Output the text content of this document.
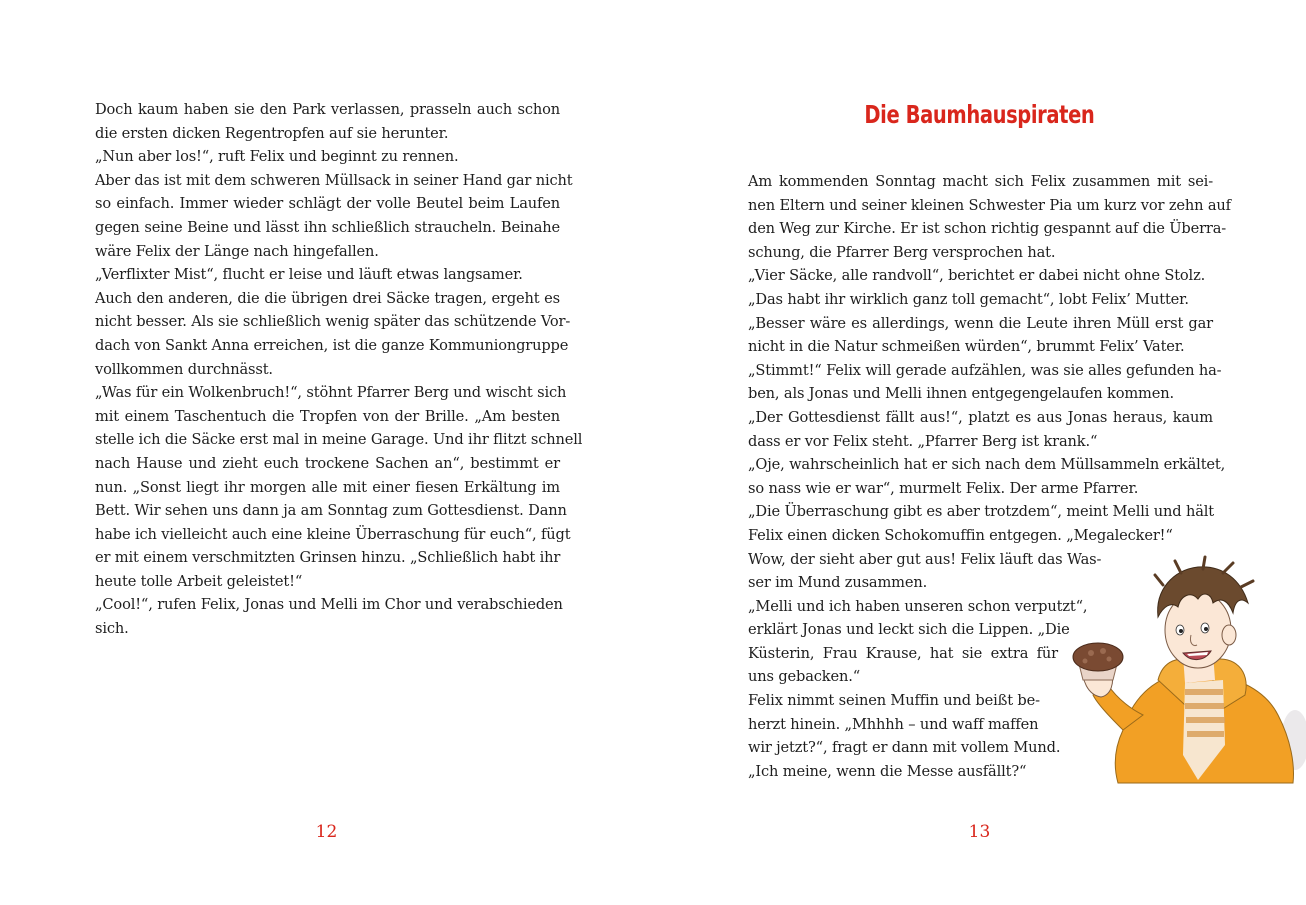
Doch kaum haben sie den Park verlassen, prasseln auch schon
die ersten dicken Regentropfen auf sie herunter.
„Nun aber los!“, ruft Felix und beginnt zu rennen.
Aber das ist mit dem schweren Müllsack in seiner Hand gar nicht
so einfach. Immer wieder schlägt der volle Beutel beim Laufen
gegen seine Beine und lässt ihn schließlich straucheln. Beinahe
wäre Felix der Länge nach hingefallen.
„Verflixter Mist“, flucht er leise und läuft etwas langsamer.
Auch den anderen, die die übrigen drei Säcke tragen, ergeht es
nicht besser. Als sie schließlich wenig später das schützende Vor-
dach von Sankt Anna erreichen, ist die ganze Kommuniongruppe
vollkommen durchnässt.
„Was für ein Wolkenbruch!“, stöhnt Pfarrer Berg und wischt sich
mit einem Taschentuch die Tropfen von der Brille. „Am besten
stelle ich die Säcke erst mal in meine Garage. Und ihr flitzt schnell
nach Hause und zieht euch trockene Sachen an“, bestimmt er
nun. „Sonst liegt ihr morgen alle mit einer fiesen Erkältung im
Bett. Wir sehen uns dann ja am Sonntag zum Gottesdienst. Dann
habe ich vielleicht auch eine kleine Überraschung für euch“, fügt
er mit einem verschmitzten Grinsen hinzu. „Schließlich habt ihr
heute tolle Arbeit geleistet!“
„Cool!“, rufen Felix, Jonas und Melli im Chor und verabschieden
sich.
12
Die Baumhauspiraten
Am kommenden Sonntag macht sich Felix zusammen mit sei-
nen Eltern und seiner kleinen Schwester Pia um kurz vor zehn auf
den Weg zur Kirche. Er ist schon richtig gespannt auf die Überra-
schung, die Pfarrer Berg versprochen hat.
„Vier Säcke, alle randvoll“, berichtet er dabei nicht ohne Stolz.
„Das habt ihr wirklich ganz toll gemacht“, lobt Felix’ Mutter.
„Besser wäre es allerdings, wenn die Leute ihren Müll erst gar
nicht in die Natur schmeißen würden“, brummt Felix’ Vater.
„Stimmt!“ Felix will gerade aufzählen, was sie alles gefunden ha-
ben, als Jonas und Melli ihnen entgegengelaufen kommen.
„Der Gottesdienst fällt aus!“, platzt es aus Jonas heraus, kaum
dass er vor Felix steht. „Pfarrer Berg ist krank.“
„Oje, wahrscheinlich hat er sich nach dem Müllsammeln erkältet,
so nass wie er war“, murmelt Felix. Der arme Pfarrer.
„Die Überraschung gibt es aber trotzdem“, meint Melli und hält
Felix einen dicken Schokomuffin entgegen. „Megalecker!“
Wow, der sieht aber gut aus! Felix läuft das Was-
ser im Mund zusammen.
„Melli und ich haben unseren schon verputzt“,
erklärt Jonas und leckt sich die Lippen. „Die
Küsterin, Frau Krause, hat sie extra für
uns gebacken.“
Felix nimmt seinen Muffin und beißt be-
herzt hinein. „Mhhhh – und waff maffen
wir jetzt?“, fragt er dann mit vollem Mund.
„Ich meine, wenn die Messe ausfällt?“
13
